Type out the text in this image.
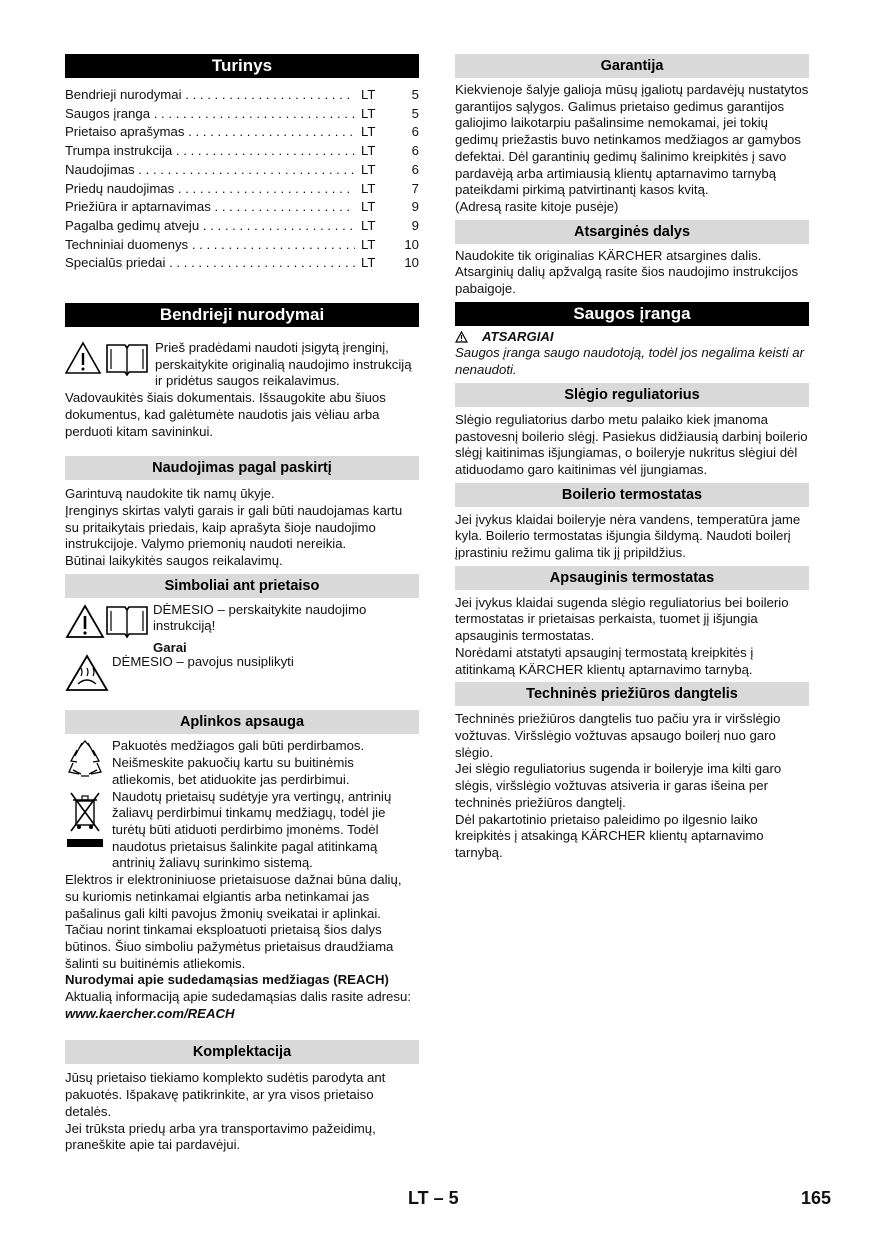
Turinys
Bendrieji nurodymai . . .	LT	5
Saugos įranga . . .	LT	5
Prietaiso aprašymas . . .	LT	6
Trumpa instrukcija . . .	LT	6
Naudojimas . . .	LT	6
Priedų naudojimas . . .	LT	7
Priežiūra ir aptarnavimas . . .	LT	9
Pagalba gedimų atveju . . .	LT	9
Techniniai duomenys . . .	LT	10
Specialūs priedai . . .	LT	10
Bendrieji nurodymai

Prieš pradėdami naudoti įsigytą įrenginį, perskaitykite originalią naudojimo instrukciją ir pridėtus saugos reikalavimus. Vadovaukitės šiais dokumentais. Išsaugokite abu šiuos dokumentus, kad galėtumėte naudotis jais vėliau arba perduoti kitam savininkui.

Naudojimas pagal paskirtį

Garintuvą naudokite tik namų ūkyje.

Įrenginys skirtas valyti garais ir gali būti naudojamas kartu su pritaikytais priedais, kaip aprašyta šioje naudojimo instrukcijoje. Valymo priemonių naudoti nereikia.

Būtinai laikykitės saugos reikalavimų.

Simboliai ant prietaiso

DĖMESIO – perskaitykite naudojimo instrukciją!

Garai

DĖMESIO – pavojus nusiplikyti

Aplinkos apsauga

Pakuotės medžiagos gali būti perdirbamos. Neišmeskite pakuočių kartu su buitinėmis atliekomis, bet atiduokite jas perdirbimui.

Naudotų prietaisų sudėtyje yra vertingų, antrinių žaliavų perdirbimui tinkamų medžiagų, todėl jie turėtų būti atiduoti perdirbimo įmonėms. Todėl naudotus prietaisus šalinkite pagal atitinkamą antrinių žaliavų surinkimo sistemą.

Elektros ir elektroniniuose prietaisuose dažnai būna dalių, su kuriomis netinkamai elgiantis arba netinkamai jas pašalinus gali kilti pavojus žmonių sveikatai ir aplinkai. Tačiau norint tinkamai eksploatuoti prietaisą šios dalys būtinos. Šiuo simboliu pažymėtus prietaisus draudžiama šalinti su buitinėmis atliekomis.

Nurodymai apie sudedamąsias medžiagas (REACH)

Aktualią informaciją apie sudedamąsias dalis rasite adresu:

www.kaercher.com/REACH

Komplektacija

Jūsų prietaiso tiekiamo komplekto sudėtis parodyta ant pakuotės. Išpakavę patikrinkite, ar yra visos prietaiso detalės.

Jei trūksta priedų arba yra transportavimo pažeidimų, praneškite apie tai pardavėjui.

Garantija

Kiekvienoje šalyje galioja mūsų įgaliotų pardavėjų nustatytos garantijos sąlygos. Galimus prietaiso gedimus garantijos galiojimo laikotarpiu pašalinsime nemokamai, jei tokių gedimų priežastis buvo netinkamos medžiagos ar gamybos defektai. Dėl garantinių gedimų šalinimo kreipkitės į savo pardavėją arba artimiausią klientų aptarnavimo tarnybą pateikdami pirkimą patvirtinantį kasos kvitą.

(Adresą rasite kitoje pusėje)

Atsarginės dalys

Naudokite tik originalias KÄRCHER atsargines dalis.

Atsarginių dalių apžvalgą rasite šios naudojimo instrukcijos pabaigoje.

Saugos įranga

ATSARGIAI

Saugos įranga saugo naudotoją, todėl jos negalima keisti ar nenaudoti.

Slėgio reguliatorius

Slėgio reguliatorius darbo metu palaiko kiek įmanoma pastovesnį boilerio slėgį. Pasiekus didžiausią darbinį boilerio slėgį kaitinimas išjungiamas, o boileryje nukritus slėgiui dėl atiduodamo garo kaitinimas vėl įjungiamas.

Boilerio termostatas

Jei įvykus klaidai boileryje nėra vandens, temperatūra jame kyla. Boilerio termostatas išjungia šildymą. Naudoti boilerį įprastiniu režimu galima tik jį pripildžius.

Apsauginis termostatas

Jei įvykus klaidai sugenda slėgio reguliatorius bei boilerio termostatas ir prietaisas perkaista, tuomet jį išjungia apsauginis termostatas.

Norėdami atstatyti apsauginį termostatą kreipkitės į atitinkamą KÄRCHER klientų aptarnavimo tarnybą.

Techninės priežiūros dangtelis

Techninės priežiūros dangtelis tuo pačiu yra ir viršslėgio vožtuvas. Viršslėgio vožtuvas apsaugo boilerį nuo garo slėgio.

Jei slėgio reguliatorius sugenda ir boileryje ima kilti garo slėgis, viršslėgio vožtuvas atsiveria ir garas išeina per techninės priežiūros dangtelį.

Dėl pakartotinio prietaiso paleidimo po ilgesnio laiko kreipkitės į atsakingą KÄRCHER klientų aptarnavimo tarnybą.

LT – 5	165
